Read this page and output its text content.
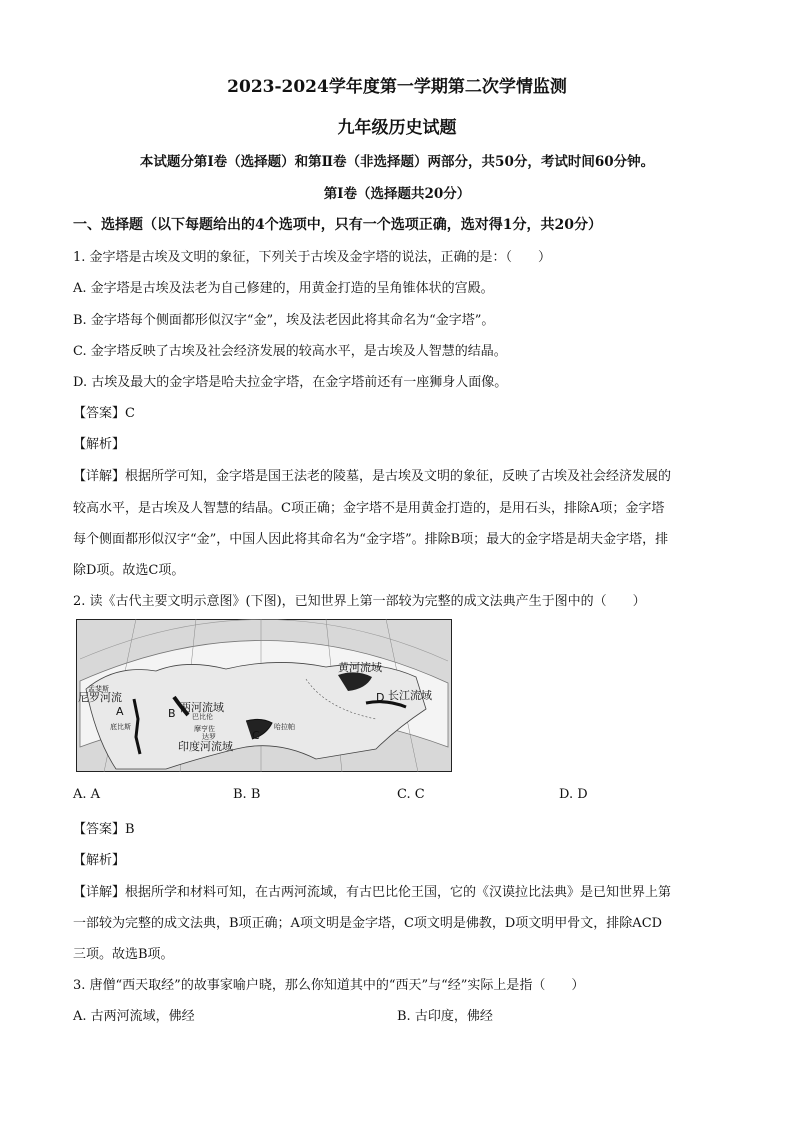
2023-2024学年度第一学期第二次学情监测
九年级历史试题
本试题分第Ⅰ卷（选择题）和第Ⅱ卷（非选择题）两部分，共50分，考试时间60分钟。
第Ⅰ卷（选择题共20分）
一、选择题（以下每题给出的4个选项中，只有一个选项正确，选对得1分，共20分）
1. 金字塔是古埃及文明的象征，下列关于古埃及金字塔的说法，正确的是：（　　）
A. 金字塔是古埃及法老为自己修建的，用黄金打造的呈角锥体状的宫殿。
B. 金字塔每个侧面都形似汉字“金”，埃及法老因此将其命名为“金字塔”。
C. 金字塔反映了古埃及社会经济发展的较高水平，是古埃及人智慧的结晶。
D. 古埃及最大的金字塔是哈夫拉金字塔，在金字塔前还有一座狮身人面像。
【答案】C
【解析】
【详解】根据所学可知，金字塔是国王法老的陵墓，是古埃及文明的象征，反映了古埃及社会经济发展的
较高水平，是古埃及人智慧的结晶。C项正确；金字塔不是用黄金打造的，是用石头，排除A项；金字塔
每个侧面都形似汉字“金”，中国人因此将其命名为“金字塔”。排除B项；最大的金字塔是胡夫金字塔，排
除D项。故选C项。
2. 读《古代主要文明示意图》(下图)，已知世界上第一部较为完整的成文法典产生于图中的（　　）
尼罗河流
A	B 两河流域
印度河流域
C
黄河流域
D 长江流域
孟斐斯
底比斯
巴比伦
摩亨佐
达罗
哈拉帕
A. A	B. B	C. C	D. D
【答案】B
【解析】
【详解】根据所学和材料可知，在古两河流域，有古巴比伦王国，它的《汉谟拉比法典》是已知世界上第
一部较为完整的成文法典，B项正确；A项文明是金字塔，C项文明是佛教，D项文明甲骨文，排除ACD
三项。故选B项。
3. 唐僧“西天取经”的故事家喻户晓，那么你知道其中的“西天”与“经”实际上是指（　　）
A. 古两河流域，佛经	B. 古印度，佛经
